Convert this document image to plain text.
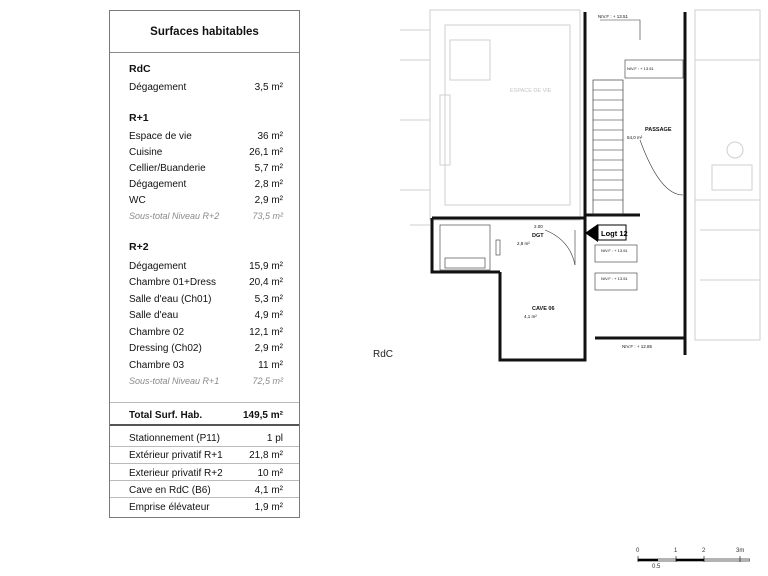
Surfaces habitables
RdC
Dégagement	3,5 m²
R+1
Espace de vie	36 m²
Cuisine	26,1 m²
Cellier/Buanderie	5,7 m²
Dégagement	2,8 m²
WC	2,9 m²
Sous-total Niveau R+2	73,5 m²
R+2
Dégagement	15,9 m²
Chambre 01+Dress	20,4 m²
Salle d'eau (Ch01)	5,3 m²
Salle d'eau	4,9 m²
Chambre 02	12,1 m²
Dressing (Ch02)	2,9 m²
Chambre 03	11 m²
Sous-total Niveau R+1	72,5 m²
Total Surf. Hab.	149,5 m²
Stationnement (P11)	1 pl
Extérieur privatif R+1	21,8 m²
Exterieur privatif R+2	10 m²
Cave en RdC (B6)	4,1 m²
Emprise élévateur	1,9 m²
ESPACE DE VIE
PASSAGE
54,0 m²
DGT
2,8 m²
CAVE 06
4,1 m²
NIV.F : + 13.51
NIV.F : + 13.51
NIV.F : + 13.51
NIV.F : + 13.51
NIV.F : + 12.85
2.00
Logt 12
RdC
0	1	2	3m
0.5
